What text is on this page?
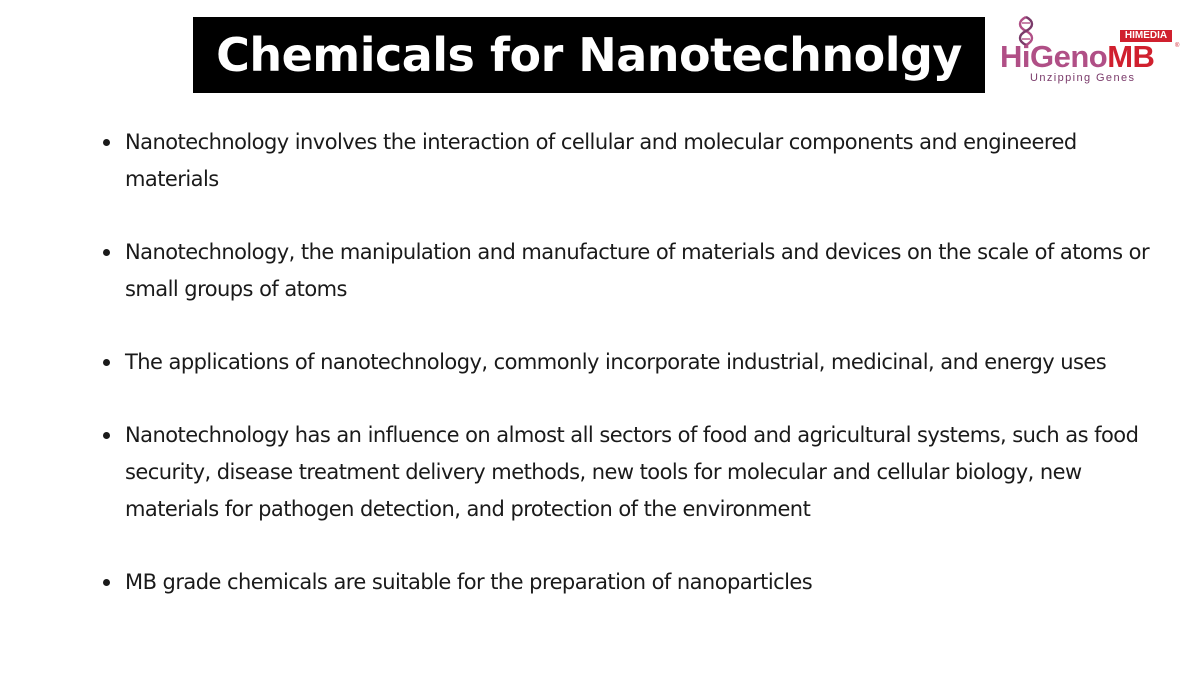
Chemicals for Nanotechnolgy	HIMEDIA
HiGenoMB	®
Unzipping Genes
Nanotechnology involves the interaction of cellular and molecular components and engineered materials
Nanotechnology, the manipulation and manufacture of materials and devices on the scale of atoms or small groups of atoms
The applications of nanotechnology, commonly incorporate industrial, medicinal, and energy uses
Nanotechnology has an influence on almost all sectors of food and agricultural systems, such as food security, disease treatment delivery methods, new tools for molecular and cellular biology, new materials for pathogen detection, and protection of the environment
MB grade chemicals are suitable for the preparation of nanoparticles
